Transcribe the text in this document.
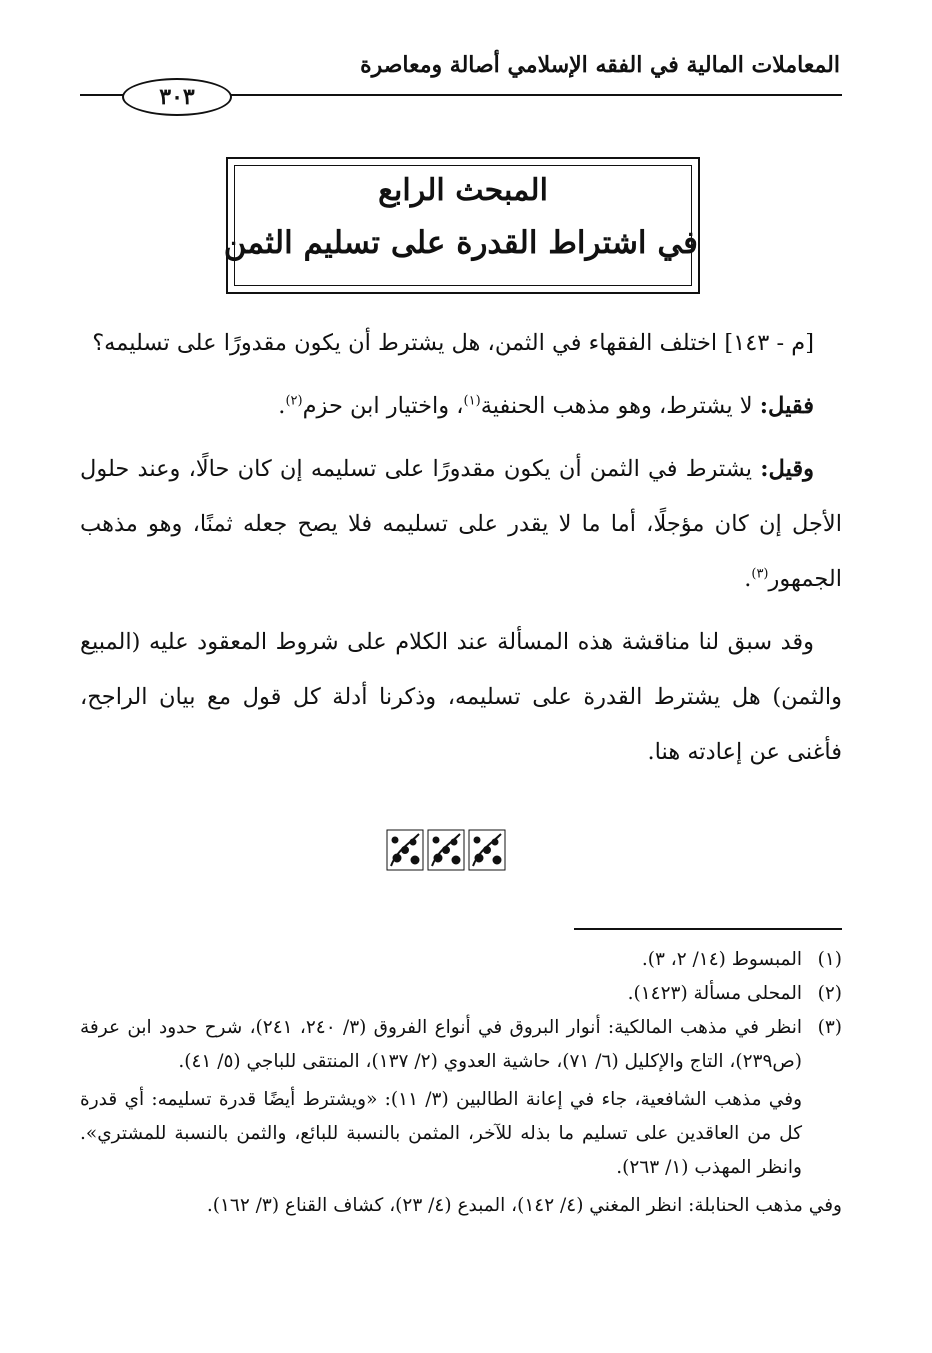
المعاملات المالية في الفقه الإسلامي أصالة ومعاصرة
٣٠٣
المبحث الرابع
في اشتراط القدرة على تسليم الثمن

[م - ١٤٣] اختلف الفقهاء في الثمن، هل يشترط أن يكون مقدورًا على تسليمه؟

فقيل: لا يشترط، وهو مذهب الحنفية$^{(١)}$، واختيار ابن حزم$^{(٢)}$.

وقيل: يشترط في الثمن أن يكون مقدورًا على تسليمه إن كان حالًا، وعند حلول الأجل إن كان مؤجلًا، أما ما لا يقدر على تسليمه فلا يصح جعله ثمنًا، وهو مذهب الجمهور$^{(٣)}$.

وقد سبق لنا مناقشة هذه المسألة عند الكلام على شروط المعقود عليه (المبيع والثمن) هل يشترط القدرة على تسليمه، وذكرنا أدلة كل قول مع بيان الراجح، فأغنى عن إعادته هنا.

(١)
المبسوط (١٤/ ٢، ٣).
(٢)
المحلى مسألة (١٤٢٣).
(٣)
انظر في مذهب المالكية: أنوار البروق في أنواع الفروق (٣/ ٢٤٠، ٢٤١)، شرح حدود ابن عرفة (ص٢٣٩)، التاج والإكليل (٦/ ٧١)، حاشية العدوي (٢/ ١٣٧)، المنتقى للباجي (٥/ ٤١).

وفي مذهب الشافعية، جاء في إعانة الطالبين (٣/ ١١): «ويشترط أيضًا قدرة تسليمه: أي قدرة كل من العاقدين على تسليم ما بذله للآخر، المثمن بالنسبة للبائع، والثمن بالنسبة للمشتري». وانظر المهذب (١/ ٢٦٣).

وفي مذهب الحنابلة: انظر المغني (٤/ ١٤٢)، المبدع (٤/ ٢٣)، كشاف القناع (٣/ ١٦٢).
